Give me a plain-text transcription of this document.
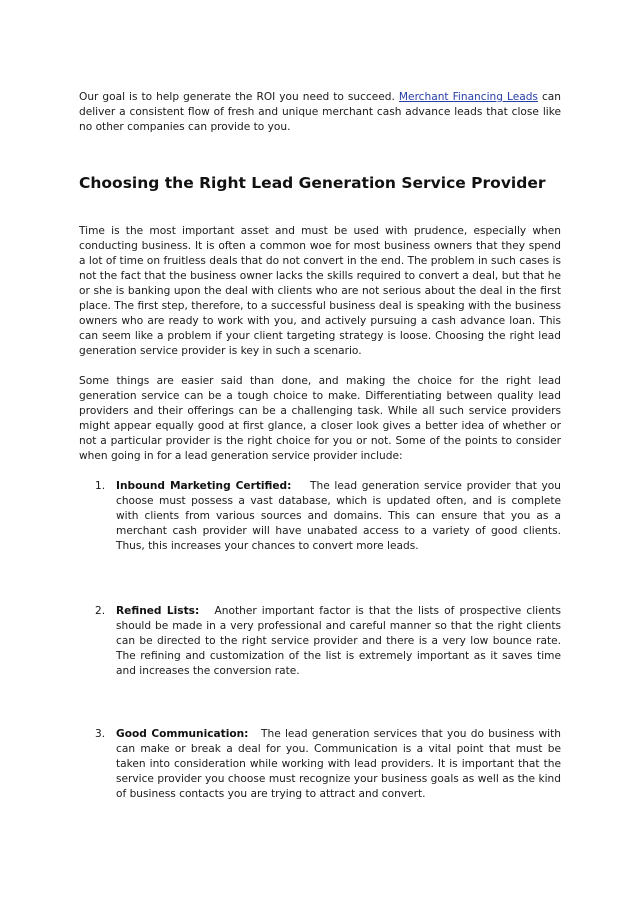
Our goal is to help generate the ROI you need to succeed. Merchant Financing Leads can deliver a consistent flow of fresh and unique merchant cash advance leads that close like no other companies can provide to you.

Choosing the Right Lead Generation Service Provider

Time is the most important asset and must be used with prudence, especially when conducting business. It is often a common woe for most business owners that they spend a lot of time on fruitless deals that do not convert in the end. The problem in such cases is not the fact that the business owner lacks the skills required to convert a deal, but that he or she is banking upon the deal with clients who are not serious about the deal in the first place. The first step, therefore, to a successful business deal is speaking with the business owners who are ready to work with you, and actively pursuing a cash advance loan. This can seem like a problem if your client targeting strategy is loose. Choosing the right lead generation service provider is key in such a scenario.

Some things are easier said than done, and making the choice for the right lead generation service can be a tough choice to make. Differentiating between quality lead providers and their offerings can be a challenging task. While all such service providers might appear equally good at first glance, a closer look gives a better idea of whether or not a particular provider is the right choice for you or not. Some of the points to consider when going in for a lead generation service provider include:

1. Inbound Marketing Certified: The lead generation service provider that you choose must possess a vast database, which is updated often, and is complete with clients from various sources and domains. This can ensure that you as a merchant cash provider will have unabated access to a variety of good clients. Thus, this increases your chances to convert more leads.
2. Refined Lists: Another important factor is that the lists of prospective clients should be made in a very professional and careful manner so that the right clients can be directed to the right service provider and there is a very low bounce rate. The refining and customization of the list is extremely important as it saves time and increases the conversion rate.
3. Good Communication: The lead generation services that you do business with can make or break a deal for you. Communication is a vital point that must be taken into consideration while working with lead providers. It is important that the service provider you choose must recognize your business goals as well as the kind of business contacts you are trying to attract and convert.
